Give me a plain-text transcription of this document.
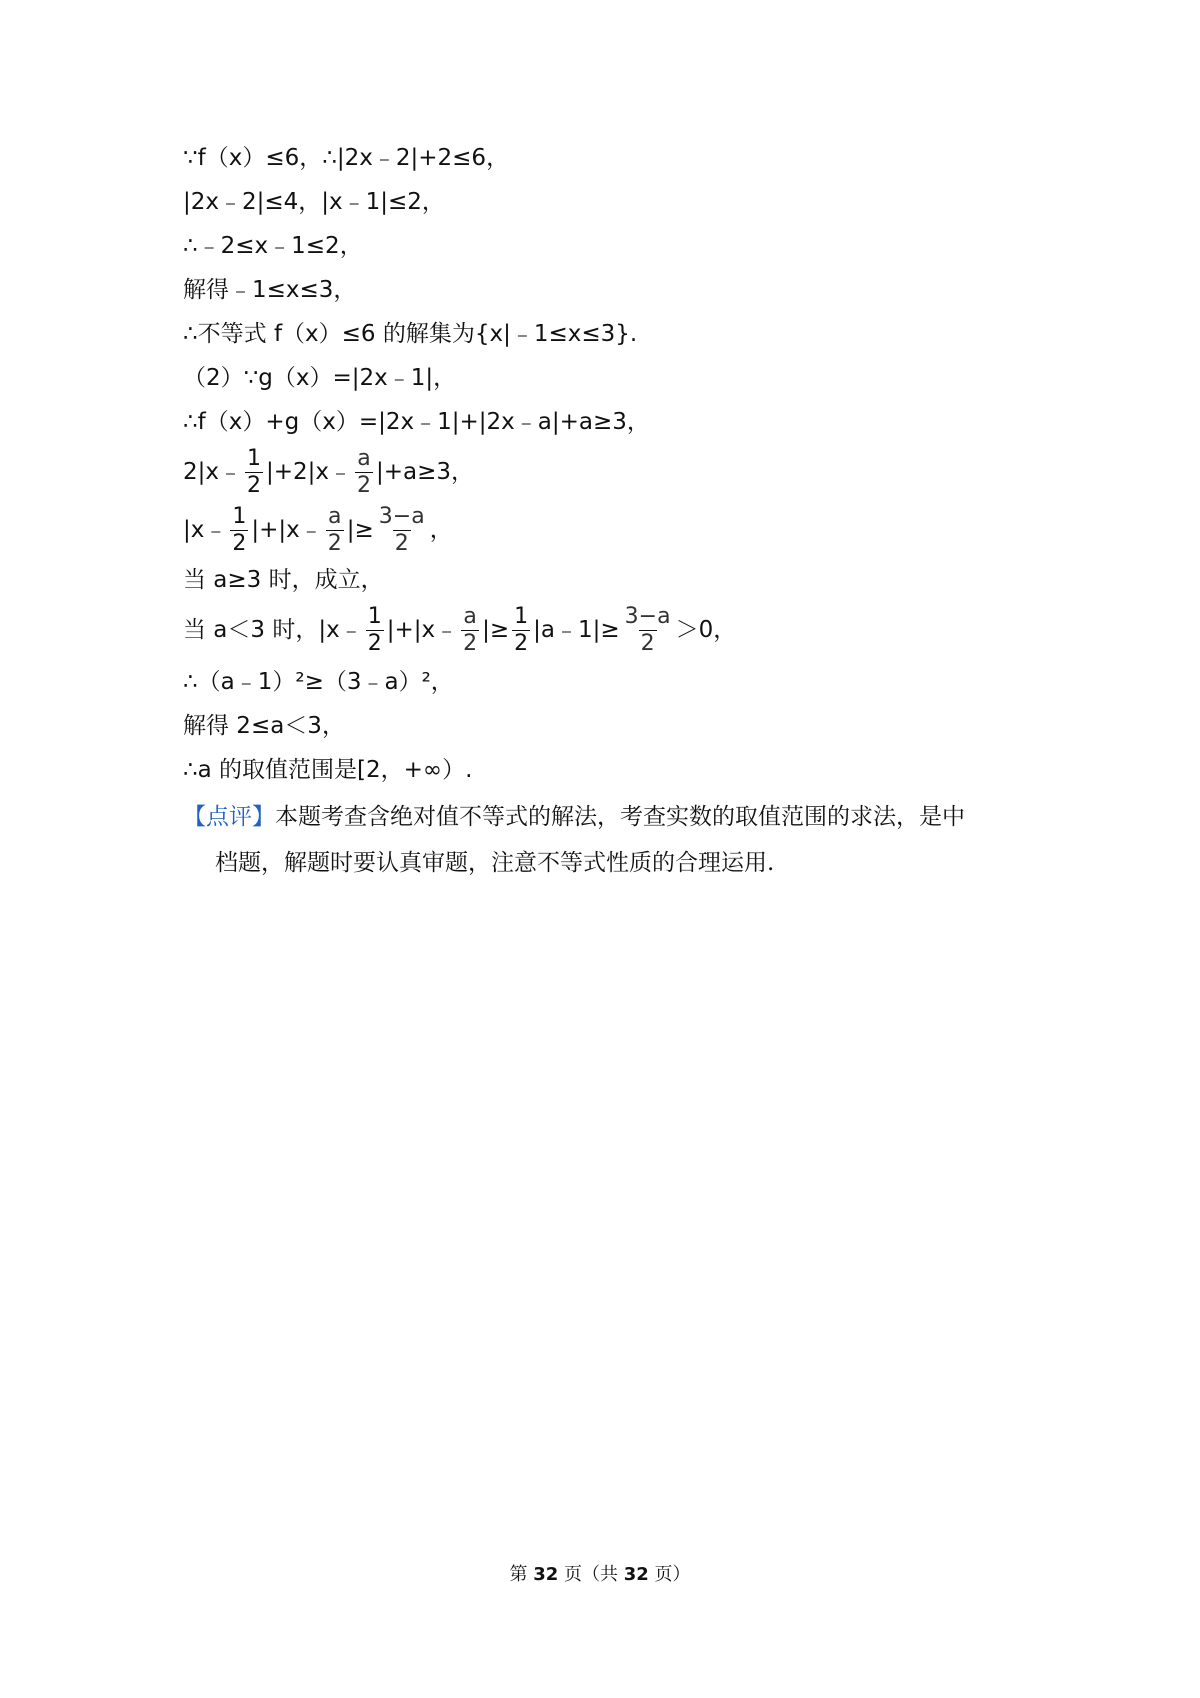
∵f（x）≤6，∴|2x﹣2|+2≤6，
|2x﹣2|≤4，|x﹣1|≤2，
∴﹣2≤x﹣1≤2，
解得﹣1≤x≤3，
∴不等式 f（x）≤6 的解集为{x|﹣1≤x≤3}.
（2）∵g（x）=|2x﹣1|，
∴f（x）+g（x）=|2x﹣1|+|2x﹣a|+a≥3，
2|x﹣ $\frac{1}{2}$ |+2|x﹣ $\frac{a}{2} |+a\ge 3$，
|x﹣ $\frac{1}{2}$ |+|x﹣ $\frac{a}{2}$ |≥ $\frac{3-a}{2}$ ，
当 a≥3 时，成立，
当 a＜3 时，|x﹣ $\frac{1}{2}$ |+|x﹣ $\frac{a}{2}$ |≥ $\frac{1}{2}$ |a﹣1|≥ $\frac{3-a}{2} >0$，
∴（a﹣1）²≥（3﹣a）²，
解得 2≤a＜3，
∴a 的取值范围是[2，+∞）.
【点评】本题考查含绝对值不等式的解法，考查实数的取值范围的求法，是中
档题，解题时要认真审题，注意不等式性质的合理运用.
第 32 页（共 32 页）
